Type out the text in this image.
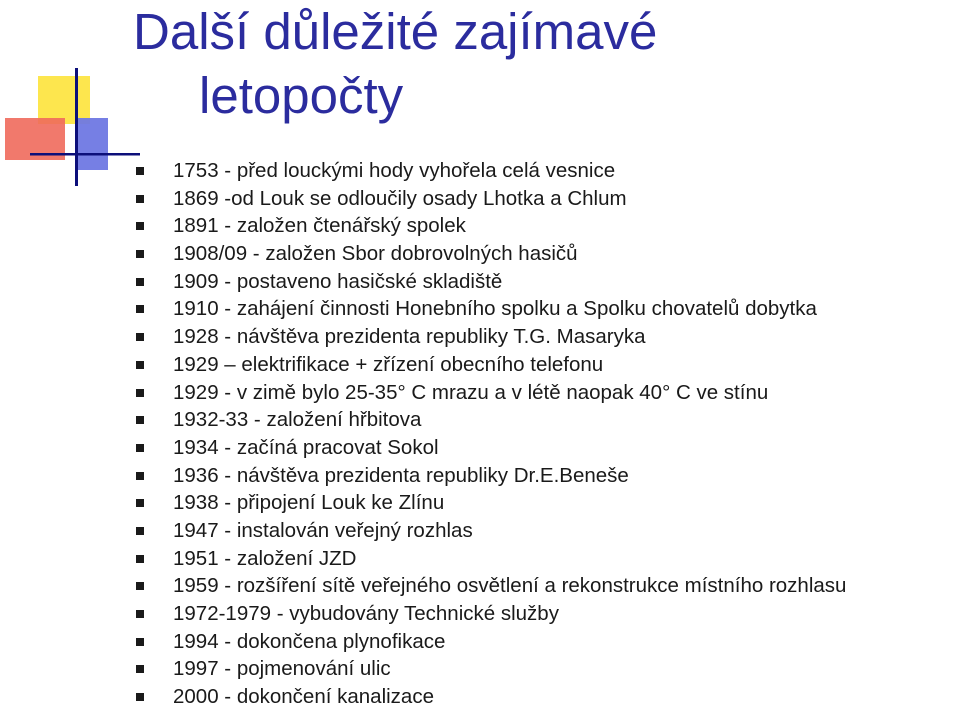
Další důležité zajímavé
letopočty
1753 - před louckými hody vyhořela celá vesnice
1869 -od Louk se odloučily osady Lhotka a Chlum
1891 - založen čtenářský spolek
1908/09 - založen Sbor dobrovolných hasičů
1909 - postaveno hasičské skladiště
1910 - zahájení činnosti Honebního spolku a Spolku chovatelů dobytka
1928 - návštěva prezidenta republiky T.G. Masaryka
1929 – elektrifikace + zřízení obecního telefonu
1929 - v zimě bylo 25-35° C mrazu a v létě naopak 40° C ve stínu
1932-33 - založení hřbitova
1934 - začíná pracovat Sokol
1936 - návštěva prezidenta republiky Dr.E.Beneše
1938 - připojení Louk ke Zlínu
1947 - instalován veřejný rozhlas
1951 - založení JZD
1959 - rozšíření sítě veřejného osvětlení a rekonstrukce místního rozhlasu
1972-1979 - vybudovány Technické služby
1994 - dokončena plynofikace
1997 - pojmenování ulic
2000 - dokončení kanalizace
